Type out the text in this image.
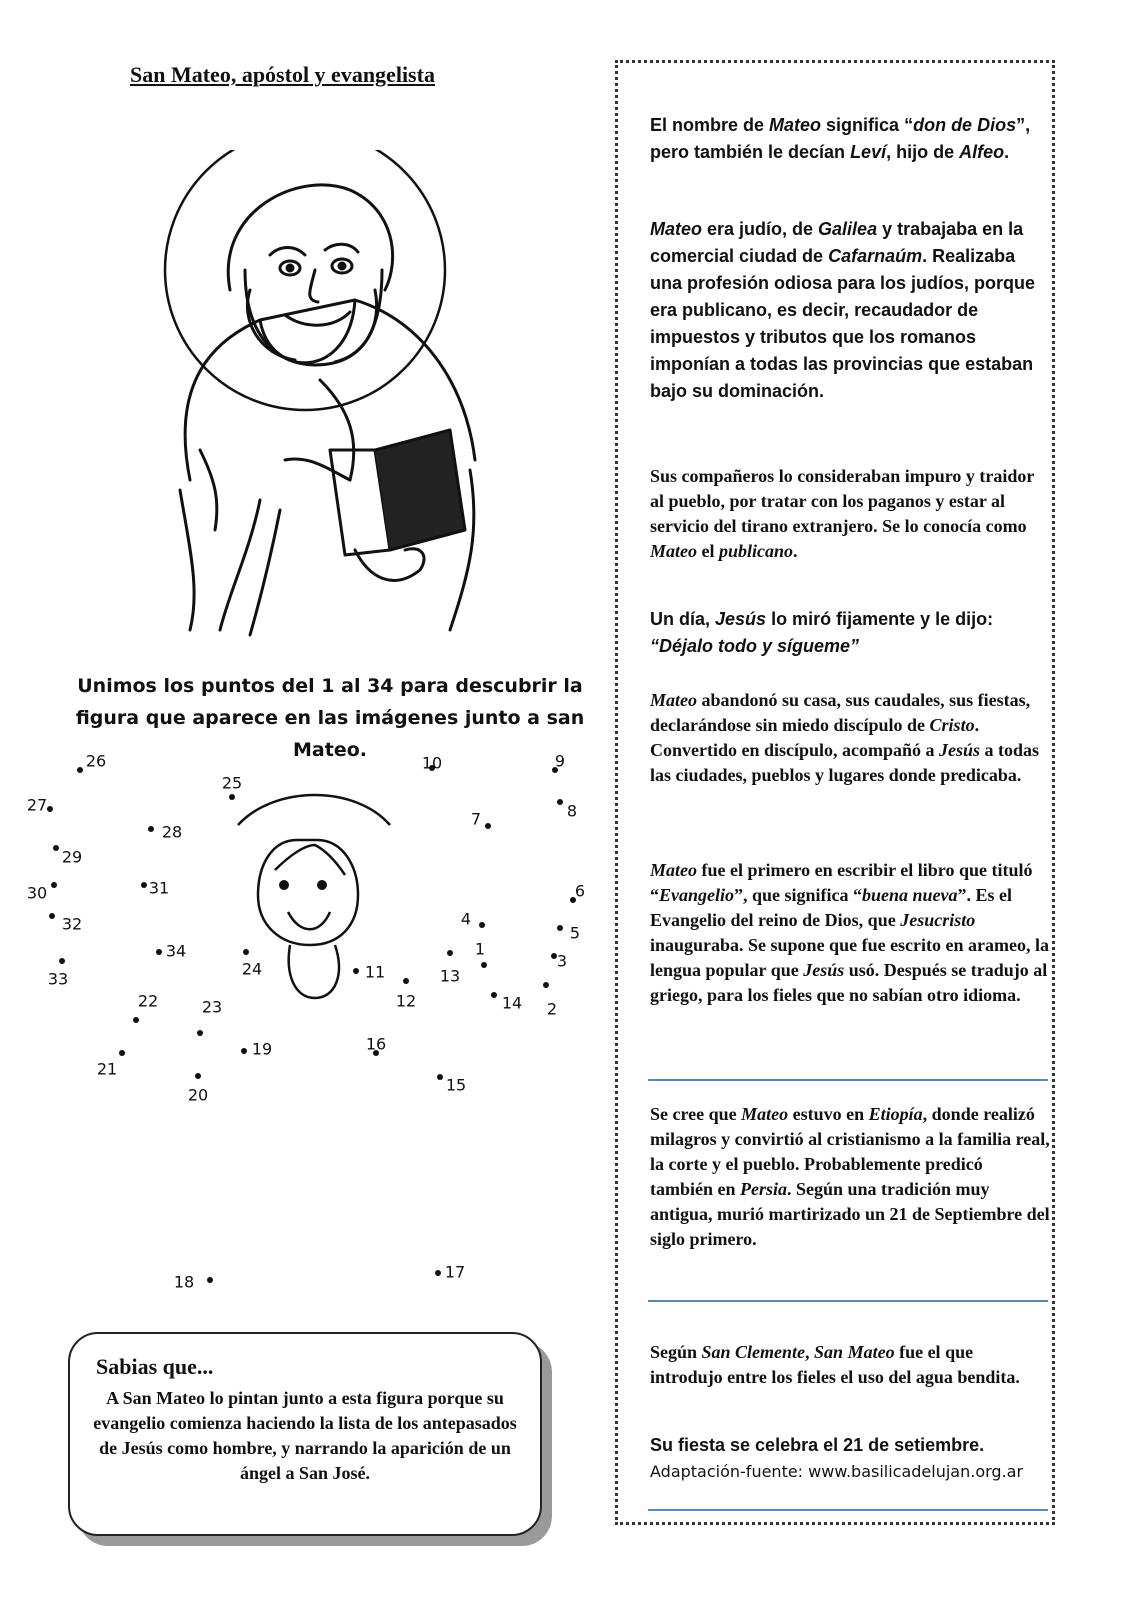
San Mateo, apóstol y evangelista
Unimos los puntos del 1 al 34 para descubrir la figura que aparece en las imágenes junto a san Mateo.
1
2
3
4
5
6
7	8
9
10
11
12
13
14
15
16
17
18
19
20
21
22	23
24
25
26
27
28
29
30	31
32
33
34
Sabias que...
A San Mateo lo pintan junto a esta figura porque su evangelio comienza haciendo la lista de los antepasados de Jesús como hombre, y narrando la aparición de un ángel a San José.
El nombre de Mateo significa “don de Dios”, pero también le decían Leví, hijo de Alfeo.
Mateo era judío, de Galilea y trabajaba en la comercial ciudad de Cafarnaúm. Realizaba una profesión odiosa para los judíos, porque era publicano, es decir, recaudador de impuestos y tributos que los romanos imponían a todas las provincias que estaban bajo su dominación.
Sus compañeros lo consideraban impuro y traidor al pueblo, por tratar con los paganos y estar al servicio del tirano extranjero. Se lo conocía como Mateo el publicano.
Un día, Jesús lo miró fijamente y le dijo: “Déjalo todo y sígueme”
Mateo abandonó su casa, sus caudales, sus fiestas, declarándose sin miedo discípulo de Cristo. Convertido en discípulo, acompañó a Jesús a todas las ciudades, pueblos y lugares donde predicaba.
Mateo fue el primero en escribir el libro que tituló “Evangelio”, que significa “buena nueva”. Es el Evangelio del reino de Dios, que Jesucristo inauguraba. Se supone que fue escrito en arameo, la lengua popular que Jesús usó. Después se tradujo al griego, para los fieles que no sabían otro idioma.
Se cree que Mateo estuvo en Etiopía, donde realizó milagros y convirtió al cristianismo a la familia real, la corte y el pueblo. Probablemente predicó también en Persia. Según una tradición muy antigua, murió martirizado un 21 de Septiembre del siglo primero.
Según San Clemente, San Mateo fue el que introdujo entre los fieles el uso del agua bendita.
Su fiesta se celebra el 21 de setiembre.
Adaptación-fuente: www.basilicadelujan.org.ar
